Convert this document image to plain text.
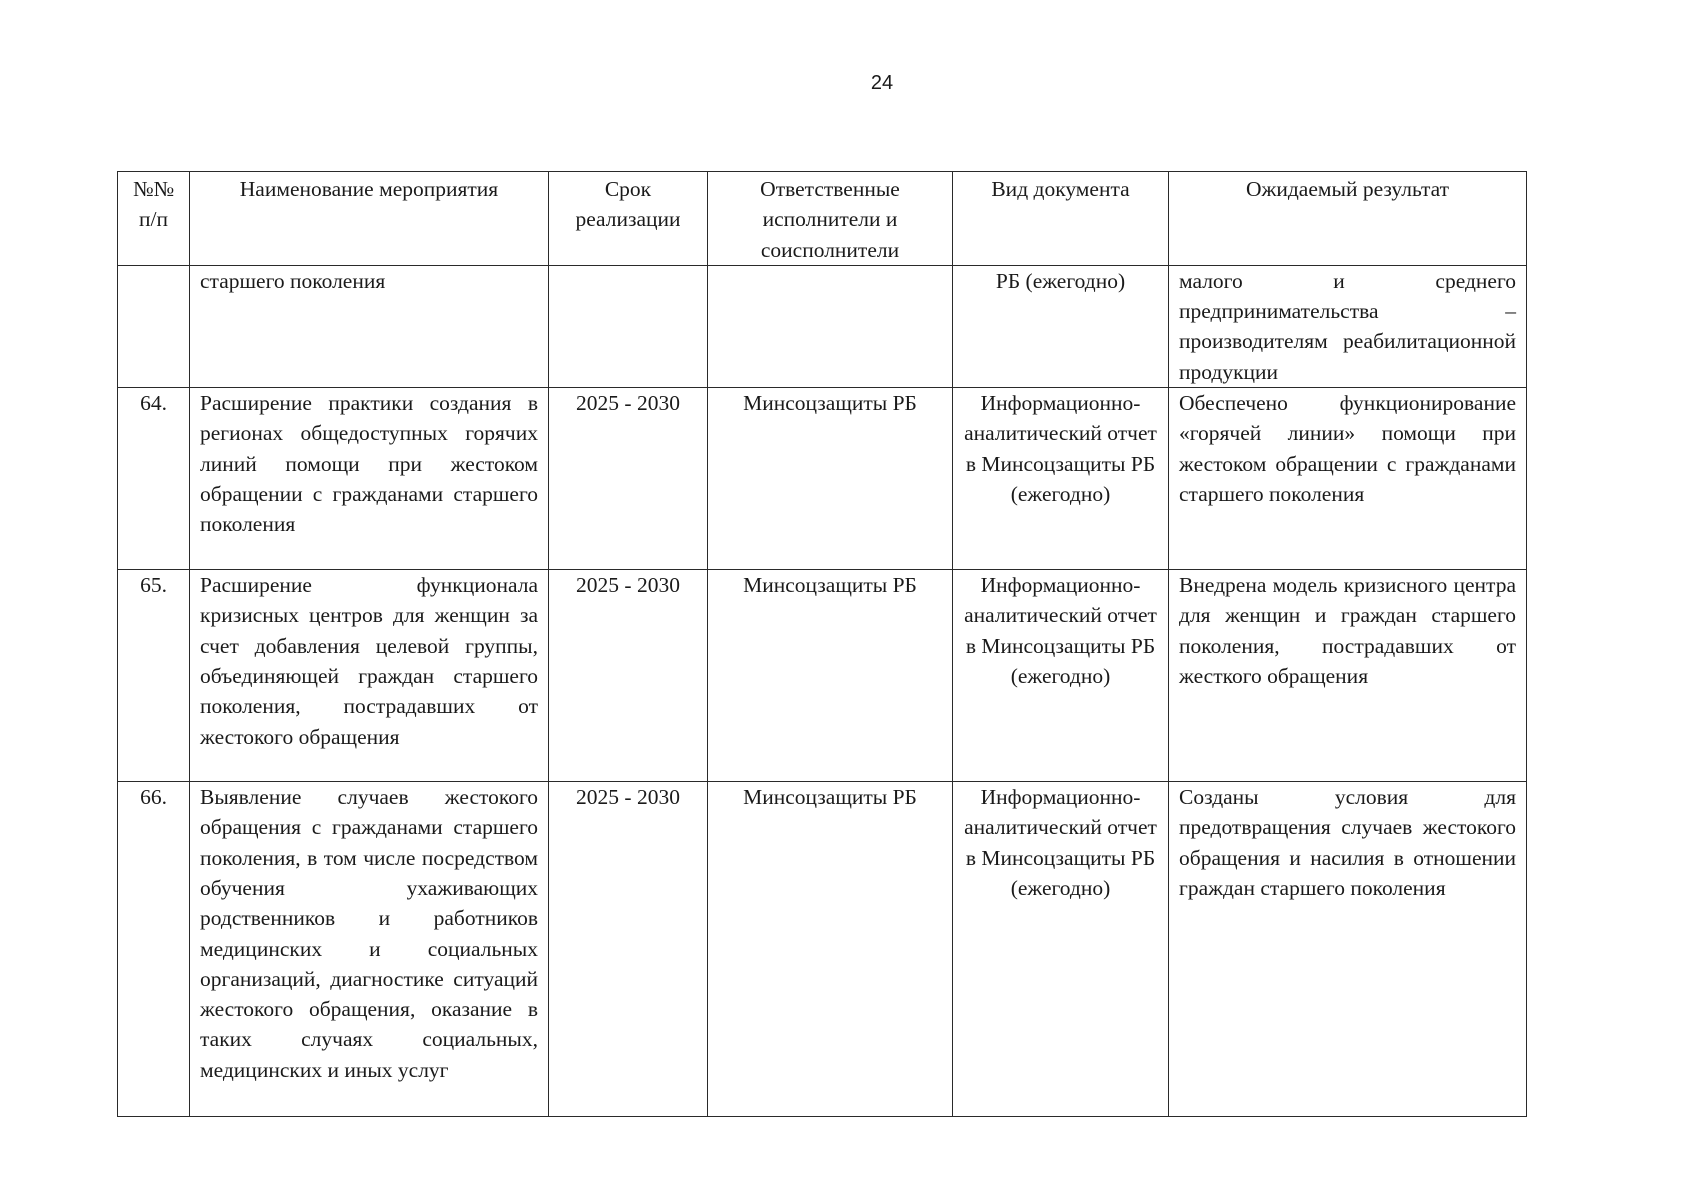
24
№№ п/п	Наименование мероприятия	Срок реализации	Ответственные исполнители и соисполнители	Вид документа	Ожидаемый результат
	старшего поколения			РБ (ежегодно)	малого и среднего предпринимательства – производителям реабилитационной продукции
64.	Расширение практики создания в регионах общедоступных горячих линий помощи при жестоком обращении с гражданами старшего поколения	2025 - 2030	Минсоцзащиты РБ	Информационно-аналитический отчет в Минсоцзащиты РБ (ежегодно)	Обеспечено функционирование «горячей линии» помощи при жестоком обращении с гражданами старшего поколения
65.	Расширение функционала кризисных центров для женщин за счет добавления целевой группы, объединяющей граждан старшего поколения, пострадавших от жестокого обращения	2025 - 2030	Минсоцзащиты РБ	Информационно-аналитический отчет в Минсоцзащиты РБ (ежегодно)	Внедрена модель кризисного центра для женщин и граждан старшего поколения, пострадавших от жесткого обращения
66.	Выявление случаев жестокого обращения с гражданами старшего поколения, в том числе посредством обучения ухаживающих родственников и работников медицинских и социальных организаций, диагностике ситуаций жестокого обращения, оказание в таких случаях социальных, медицинских и иных услуг	2025 - 2030	Минсоцзащиты РБ	Информационно-аналитический отчет в Минсоцзащиты РБ (ежегодно)	Созданы условия для предотвращения случаев жестокого обращения и насилия в отношении граждан старшего поколения
